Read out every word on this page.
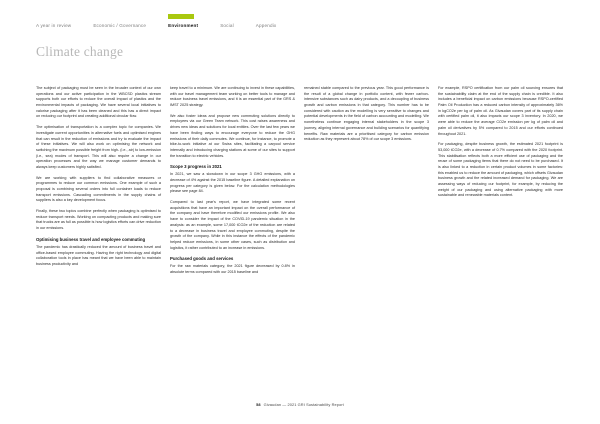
A year in review	Economic / Governance	Environment	Social	Appendix
Climate change

The subject of packaging must be seen in the broader context of our own operations and our active participation in the WBCSD plastics stream supports both our efforts to reduce the overall impact of plastics and the environmental impacts of packaging. We have several local initiatives to valorise packaging after it has been cleaned and this has a direct impact on reducing our footprint and creating additional circular flow.

The optimisation of transportation is a complex topic for companies. We investigate current opportunities in alternative fuels and optimised engines that can result in the reduction of emissions and try to evaluate the impact of these initiatives. We will also work on optimising the network and switching the maximum possible freight from high- (i.e., air) to low-emission (i.e., sea) modes of transport. This will also require a change in our operation processes and the way we manage customer demands to always keep customers highly satisfied.

We are working with suppliers to find collaborative measures or programmes to reduce our common emissions. One example of such a proposal is combining several orders into full container loads to reduce transport emissions. Cascading commitments in the supply chains of suppliers is also a key development focus.

Finally, these two topics combine perfectly when packaging is optimised to reduce transport needs. Working on compacting products and making sure that trucks are as full as possible is how logistics efforts can drive reduction in our emissions.

Optimising business travel and employee commuting

The pandemic has drastically reduced the amount of business travel and office-based employee commuting. Having the right technology and digital collaboration tools in place has meant that we have been able to maintain business productivity and

keep travel to a minimum. We are continuing to invest in these capabilities, with our travel management team working on better tools to manage and reduce business travel emissions, and it is an essential part of the GRS & IMST 2025 strategy.

We also foster ideas and propose new commuting solutions directly to employees via our Green Team network. This cost raises awareness and drives new ideas and solutions for local entities. Over the last few years we have been finding ways to encourage everyone to reduce the GHG emissions of their daily commutes. We continue, for instance, to promote a bike-to-work initiative at our Swiss sites, facilitating a carpool service internally and introducing charging stations at some of our sites to support the transition to electric vehicles.

Scope 3 progress in 2021

In 2021, we saw a slowdown in our scope 3 GHG emissions, with a decrease of 4% against the 2015 baseline figure. A detailed explanation on progress per category is given below. For the calculation methodologies please see page 84.

Compared to last year's report, we have integrated some recent acquisitions that have an important impact on the overall performance of the company and have therefore modified our emissions profile. We also have to consider the impact of the COVID-19 pandemic situation in the analysis: as an example, some 17,000 tCO2e of the reduction are related to a decrease in business travel and employee commuting, despite the growth of the company. While in this instance the effects of the pandemic helped reduce emissions, in some other cases, such as distribution and logistics, it rather contributed to an increase in emissions.

Purchased goods and services

For the raw materials category, the 2021 figure decreased by 0.8% in absolute terms compared with our 2015 baseline and

remained stable compared to the previous year. This good performance is the result of a global change in portfolio content, with fewer carbon-intensive substances such as dairy products, and a decoupling of business growth and carbon emissions in that category. This number has to be considered with caution as the modelling is very sensitive to changes and potential developments in the field of carbon accounting and modelling. We nonetheless continue engaging internal stakeholders in the scope 3 journey, aligning internal governance and building scenarios for quantifying benefits. Raw materials are a prioritised category for carbon emission reduction as they represent about 78% of our scope 3 emissions.

For example, RSPO certification from our palm oil sourcing ensures that the sustainability claim at the end of the supply chain is credible. It also includes a beneficial impact on carbon emissions because RSPO-certified Palm Oil Production has a reduced carbon intensity of approximately 36% in kgCO2e per kg of palm oil. As Givaudan covers part of its supply chain with certified palm oil, it also impacts our scope 3 inventory. In 2020, we were able to reduce the average CO2e emission per kg of palm oil and palm oil derivatives by 5% compared to 2015 and our efforts continued throughout 2021.

For packaging, despite business growth, the estimated 2021 footprint is 53,000 tCO2e, with a decrease of 0.7% compared with the 2020 footprint. This stabilisation reflects both a more efficient use of packaging and the reuse of some packaging items that there do not need to be purchased. It is also linked to a reduction in certain product volumes in some factories: this enabled us to reduce the amount of packaging, which offsets Givaudan business growth and the related increased demand for packaging. We are assessing ways of reducing our footprint, for example, by reducing the weight of our packaging and using alternative packaging with more sustainable and renewable materials content.

58 Givaudan — 2021 GRI Sustainability Report
